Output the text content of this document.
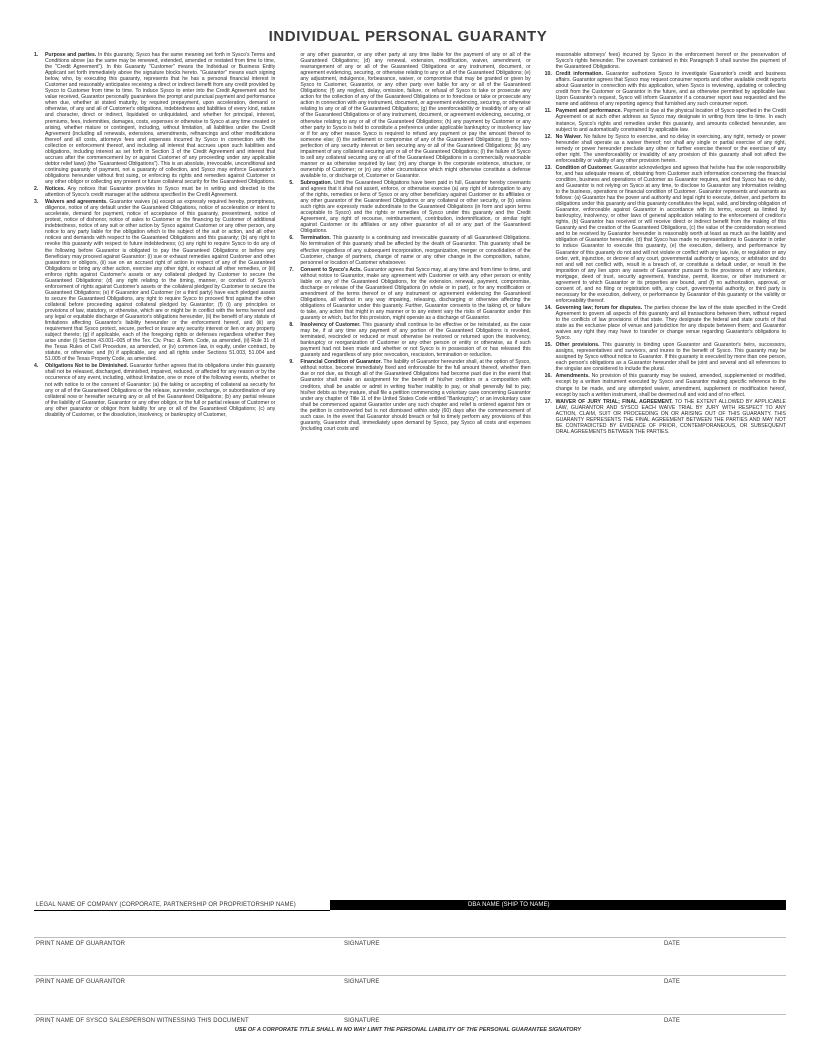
INDIVIDUAL PERSONAL GUARANTY
1.	Purpose and parties. In this guaranty, Sysco has the same meaning set forth in Sysco's Terms and Conditions above (as the same may be renewed, extended, amended or restated from time to time, the "Credit Agreement"). In this Guaranty "Customer" means the Individual or Business Entity Applicant set forth immediately above the signature blocks hereto. "Guarantor" means each signing below, who, by executing this guaranty, represents that he has a personal financial interest in Customer and reasonably anticipates receiving a direct or indirect benefit from any credit provided by Sysco to Customer from time to time. To induce Sysco to enter into the Credit Agreement and for value received, Guarantor personally guarantees the prompt and punctual payment and performance when due, whether at stated maturity, by required prepayment, upon acceleration, demand or otherwise, of any and all of Customer's obligations, indebtedness and liabilities of every kind, nature and character, direct or indirect, liquidated or unliquidated, and whether for principal, interest, premiums, fees, indemnities, damages, costs, expenses or otherwise to Sysco at any time created or arising, whether mature or contingent, including, without limitation, all liabilities under the Credit Agreement (including all renewals, extensions, amendments, refinancings and other modifications thereof and all costs, attorneys fees and expenses incurred by Sysco in connection with the collection or enforcement thereof, and including all interest that accrues upon such liabilities and obligations, including interest as set forth in Section 3 of the Credit Agreement and interest that accrues after the commencement by or against Customer of any proceeding under any applicable debtor relief laws) (the "Guaranteed Obligations"). This is an absolute, irrevocable, unconditional and continuing guaranty of payment, not a guaranty of collection, and Sysco may enforce Guarantor's obligations hereunder without first suing, or enforcing its rights and remedies against Customer or any other obligor or collecting any present or future collateral security for the Guaranteed Obligations.
2.	Notices. Any notices that Guarantor provides to Sysco must be in writing and directed to the attention of Sysco's credit manager at the address specified in the Credit Agreement.
3.	Waivers and agreements. Guarantor waives (a) except as expressly required hereby, promptness, diligence, notice of any default under the Guaranteed Obligations, notice of acceleration or intent to accelerate, demand for payment, notice of acceptance of this guaranty, presentment, notice of protest, notice of dishonor, notice of sales to Customer or the financing by Customer of additional indebtedness, notice of any suit or other action by Sysco against Customer or any other person, any notice to any party liable for the obligation which is the subject of the suit or action, and all other notices and demands with respect to the Guaranteed Obligations and this guaranty; (b) any right to revoke this guaranty with respect to future indebtedness; (c) any right to require Sysco to do any of the following before Guarantor is obligated to pay the Guaranteed Obligations or before any Beneficiary may proceed against Guarantor: (i) sue or exhaust remedies against Customer and other guarantors or obligors, (ii) sue on an accrued right of action in respect of any of the Guaranteed Obligations or bring any other action, exercise any other right, or exhaust all other remedies, or (iii) enforce rights against Customer's assets or any collateral pledged by Customer to secure the Guaranteed Obligations; (d) any right relating to the timing, manner, or conduct of Sysco's enforcement of rights against Customer's assets or the collateral pledged by Customer to secure the Guaranteed Obligations; (e) if Guarantor and Customer (or a third party) have each pledged assets to secure the Guaranteed Obligations, any right to require Sysco to proceed first against the other collateral before proceeding against collateral pledged by Guarantor; (f) (i) any principles or provisions of law, statutory, or otherwise, which are or might be in conflict with the terms hereof and any legal or equitable discharge of Guarantor's obligations hereunder, (ii) the benefit of any statute of limitations affecting Guarantor's liability hereunder or the enforcement hereof, and (iii) any requirement that Sysco protect, secure, perfect or insure any security interest or lien or any property subject thereto; (g) if applicable, each of the foregoing rights or defenses regardless whether they arise under (i) Section 43.001–005 of the Tex. Civ. Prac. & Rem. Code, as amended, (ii) Rule 31 of the Texas Rules of Civil Procedure, as amended, or (iv) common law, in equity, under contract, by statute, or otherwise; and (h) if applicable, any and all rights under Sections 51.003, 51.004 and 51.005 of the Texas Property Code, as amended.
4.	Obligations Not to be Diminished. Guarantor further agrees that its obligations under this guaranty shall not be released, discharged, diminished, impaired, reduced, or affected for any reason or by the occurrence of any event, including, without limitation, one or more of the following events, whether or not with notice to or the consent of Guarantor: (a) the taking or accepting of collateral as security for any or all of the Guaranteed Obligations or the release, surrender, exchange, or subordination of any collateral now or hereafter securing any or all of the Guaranteed Obligations; (b) any partial release of the liability of Guarantor, Guarantor or any other obligor, or the full or partial release of Customer or any other guarantor or obligor from liability for any or all of the Guaranteed Obligations; (c) any disability of Customer, or the dissolution, insolvency, or bankruptcy of Customer,
or any other guarantor, or any other party at any time liable for the payment of any or all of the Guaranteed Obligations; (d) any renewal, extension, modification, waiver, amendment, or rearrangement of any or all of the Guaranteed Obligations or any instrument, document, or agreement evidencing, securing, or otherwise relating to any or all of the Guaranteed Obligations; (e) any adjustment, indulgence, forbearance, waiver, or compromise that may be granted or given by Sysco to Customer, Guarantor, or any other party ever liable for any or all of the Guaranteed Obligations; (f) any neglect, delay, omission, failure, or refusal of Sysco to take or prosecute any action for the collection of any of the Guaranteed Obligations or to foreclose or take or prosecute any action in connection with any instrument, document, or agreement evidencing, securing, or otherwise relating to any or all of the Guaranteed Obligations; (g) the unenforceability or invalidity of any or all of the Guaranteed Obligations or of any instrument, document, or agreement evidencing, securing, or otherwise relating to any or all of the Guaranteed Obligations; (h) any payment by Customer or any other party to Sysco is held to constitute a preference under applicable bankruptcy or insolvency law or if for any other reason Sysco is required to refund any payment or pay the amount thereof to someone else; (i) the settlement or compromise of any of the Guaranteed Obligations; (j) the non-perfection of any security interest or lien securing any or all of the Guaranteed Obligations; (k) any impairment of any collateral securing any or all of the Guaranteed Obligations; (l) the failure of Sysco to sell any collateral securing any or all of the Guaranteed Obligations in a commercially reasonable manner or as otherwise required by law; (m) any change in the corporate existence, structure, or ownership of Customer; or (n) any other circumstance which might otherwise constitute a defense available to, or discharge of, Customer or Guarantor.
5.	Subrogation. Until the Guaranteed Obligations have been paid in full, Guarantor hereby covenants and agrees that it shall not assert, enforce, or otherwise exercise (a) any right of subrogation to any of the rights, remedies or liens of Sysco or any other beneficiary against Customer or its affiliates or any other guarantor of the Guaranteed Obligations or any collateral or other security, or (b) unless such rights are expressly made subordinate to the Guaranteed Obligations (in form and upon terms acceptable to Sysco) and the rights or remedies of Sysco under this guaranty and the Credit Agreement, any right of recourse, reimbursement, contribution, indemnification, or similar right against Customer or its affiliates or any other guarantor of all or any part of the Guaranteed Obligations.
6.	Termination. This guaranty is a continuing and irrevocable guaranty of all Guaranteed Obligations. No termination of this guaranty shall be affected by the death of Guarantor. This guaranty shall be effective regardless of any subsequent incorporation, reorganization, merger or consolidation of the Customer, change of partners, change of name or any other change in the composition, nature, personnel or location of Customer whatsoever.
7.	Consent to Sysco's Acts. Guarantor agrees that Sysco may, at any time and from time to time, and without notice to Guarantor, make any agreement with Customer or with any other person or entity liable on any of the Guaranteed Obligations, for the extension, renewal, payment, compromise, discharge or release of the Guaranteed Obligations (in whole or in part), or for any modification or amendment of the terms thereof or of any instrument or agreement evidencing the Guaranteed Obligations, all without in any way impairing, releasing, discharging or otherwise affecting the obligations of Guarantor under this guaranty. Further, Guarantor consents to the taking of, or failure to take, any action that might in any manner or to any extent vary the risks of Guarantor under this guaranty or which, but for this provision, might operate as a discharge of Guarantor.
8.	Insolvency of Customer. This guaranty shall continue to be effective or be reinstated, as the case may be, if at any time any payment of any portion of the Guaranteed Obligations is revoked, terminated, rescinded or reduced or must otherwise be restored or returned upon the insolvency, bankruptcy or reorganization of Customer or any other person or entity or otherwise, as if such payment had not been made and whether or not Sysco is in possession of or has released this guaranty and regardless of any prior revocation, rescission, termination or reduction.
9.	Financial Condition of Guarantor. The liability of Guarantor hereunder shall, at the option of Sysco, without notice, become immediately fixed and enforceable for the full amount thereof, whether then due or not due, as though all of the Guaranteed Obligations had become past due in the event that Guarantor shall make an assignment for the benefit of his/her creditors or a composition with creditors, shall be unable or admit in writing his/her inability to pay, or shall generally fail to pay, his/her debts as they mature, shall file a petition commencing a voluntary case concerning Guarantor under any chapter of Title 11 of the United States Code entitled "Bankruptcy"; or an involuntary case shall be commenced against Guarantor under any such chapter and relief is ordered against him or the petition is controverted but is not dismissed within sixty (60) days after the commencement of such case. In the event that Guarantor should breach or fail to timely perform any provisions of this guaranty, Guarantor shall, immediately upon demand by Sysco, pay Sysco all costs and expenses (including court costs and
reasonable attorneys' fees) incurred by Sysco in the enforcement hereof or the preservation of Sysco's rights hereunder. The covenant contained in this Paragraph 9 shall survive the payment of the Guaranteed Obligations.
10. Credit information. Guarantor authorizes Sysco to investigate Guarantor's credit and business affairs. Guarantor agrees that Sysco may request consumer reports and other available credit reports about Guarantor in connection with this application, when Sysco is reviewing, updating or collecting credit from the Customer or Guarantor in the future, and as otherwise permitted by applicable law. Upon Guarantor's request, Sysco will inform Guarantor if a consumer report was requested and the name and address of any reporting agency that furnished any such consumer report.
11. Payment and performance. Payment is due at the physical location of Sysco specified in the Credit Agreement or at such other address as Sysco may designate in writing from time to time. In each instance, Sysco's rights and remedies under this guaranty, and amounts collected hereunder, are subject to and automatically constrained by applicable law.
12. No Waiver. No failure by Sysco to exercise, and no delay in exercising, any right, remedy or power hereunder shall operate as a waiver thereof; nor shall any single or partial exercise of any right, remedy or power hereunder preclude any other or further exercise thereof or the exercise of any other right. The unenforceability or invalidity of any provision of this guaranty shall not affect the enforceability or validity of any other provision herein.
13. Condition of Customer. Guarantor acknowledges and agrees that he/she has the sole responsibility for, and has adequate means of, obtaining from Customer such information concerning the financial condition, business and operations of Customer as Guarantor requires, and that Sysco has no duty, and Guarantor is not relying on Sysco at any time, to disclose to Guarantor any information relating to the business, operations or financial condition of Customer. Guarantor represents and warrants as follows: (a) Guarantor has the power and authority and legal right to execute, deliver, and perform its obligations under this guaranty and this guaranty constitutes the legal, valid, and binding obligation of Guarantor, enforceable against Guarantor in accordance with its terms, except as limited by bankruptcy, insolvency, or other laws of general application relating to the enforcement of creditor's rights, (b) Guarantor has received or will receive direct or indirect benefit from the making of this Guaranty and the creation of the Guaranteed Obligations, (c) the value of the consideration received and to be received by Guarantor hereunder is reasonably worth at least as much as the liability and obligation of Guarantor hereunder, (d) that Sysco has made no representations to Guarantor in order to induce Guarantor to execute this guaranty, (e) the execution, delivery, and performance by Guarantor of this guaranty do not and will not violate or conflict with any law, rule, or regulation or any order, writ, injunction, or decree of any court, governmental authority or agency, or arbitrator and do not and will not conflict with, result in a breach of, or constitute a default under, or result in the imposition of any lien upon any assets of Guarantor pursuant to the provisions of any indenture, mortgage, deed of trust, security agreement, franchise, permit, license, or other instrument or agreement to which Guarantor or its properties are bound, and (f) no authorization, approval, or consent of, and no filing or registration with, any court, governmental authority, or third party is necessary for the execution, delivery, or performance by Guarantor of this guaranty or the validity or enforceability thereof.
14. Governing law; forum for disputes. The parties choose the law of the state specified in the Credit Agreement to govern all aspects of this guaranty and all transactions between them, without regard to the conflicts of law provisions of that state. They designate the federal and state courts of that state as the exclusive place of venue and jurisdiction for any dispute between them; and Guarantor waives any right they may have to transfer or change venue regarding Guarantor's obligations to Sysco.
15. Other provisions. This guaranty is binding upon Guarantor and Guarantor's heirs, successors, assigns, representatives and survivors, and inures to the benefit of Sysco. This guaranty may be assigned by Sysco without notice to Guarantor. If this guaranty is executed by more than one person, each person's obligations as a Guarantor hereunder shall be joint and several and all references to the singular are considered to include the plural.
16. Amendments. No provision of this guaranty may be waived, amended, supplemented or modified, except by a written instrument executed by Sysco and Guarantor making specific reference to the change to be made, and any attempted waiver, amendment, supplement or modification hereof, except by such a written instrument, shall be deemed null and void and of no effect.
17. WAIVER OF JURY TRIAL; FINAL AGREEMENT. TO THE EXTENT ALLOWED BY APPLICABLE LAW, GUARANTOR AND SYSCO EACH WAIVE TRIAL BY JURY WITH RESPECT TO ANY ACTION, CLAIM, SUIT OR PROCEEDING ON OR ARISING OUT OF THIS GUARANTY. THIS GUARANTY REPRESENTS THE FINAL AGREEMENT BETWEEN THE PARTIES AND MAY NOT BE CONTRADICTED BY EVIDENCE OF PRIOR, CONTEMPORANEOUS, OR SUBSEQUENT ORAL AGREEMENTS BETWEEN THE PARTIES.
LEGAL NAME OF COMPANY (CORPORATE, PARTNERSHIP OR PROPRIETORSHIP NAME)	DBA NAME (SHIP TO NAME)
PRINT NAME OF GUARANTOR	SIGNATURE	DATE
PRINT NAME OF GUARANTOR	SIGNATURE	DATE
PRINT NAME OF SYSCO SALESPERSON WITNESSING THIS DOCUMENT	SIGNATURE	DATE
USE OF A CORPORATE TITLE SHALL IN NO WAY LIMIT THE PERSONAL LIABILITY OF THE PERSONAL GUARANTEE SIGNATORY
